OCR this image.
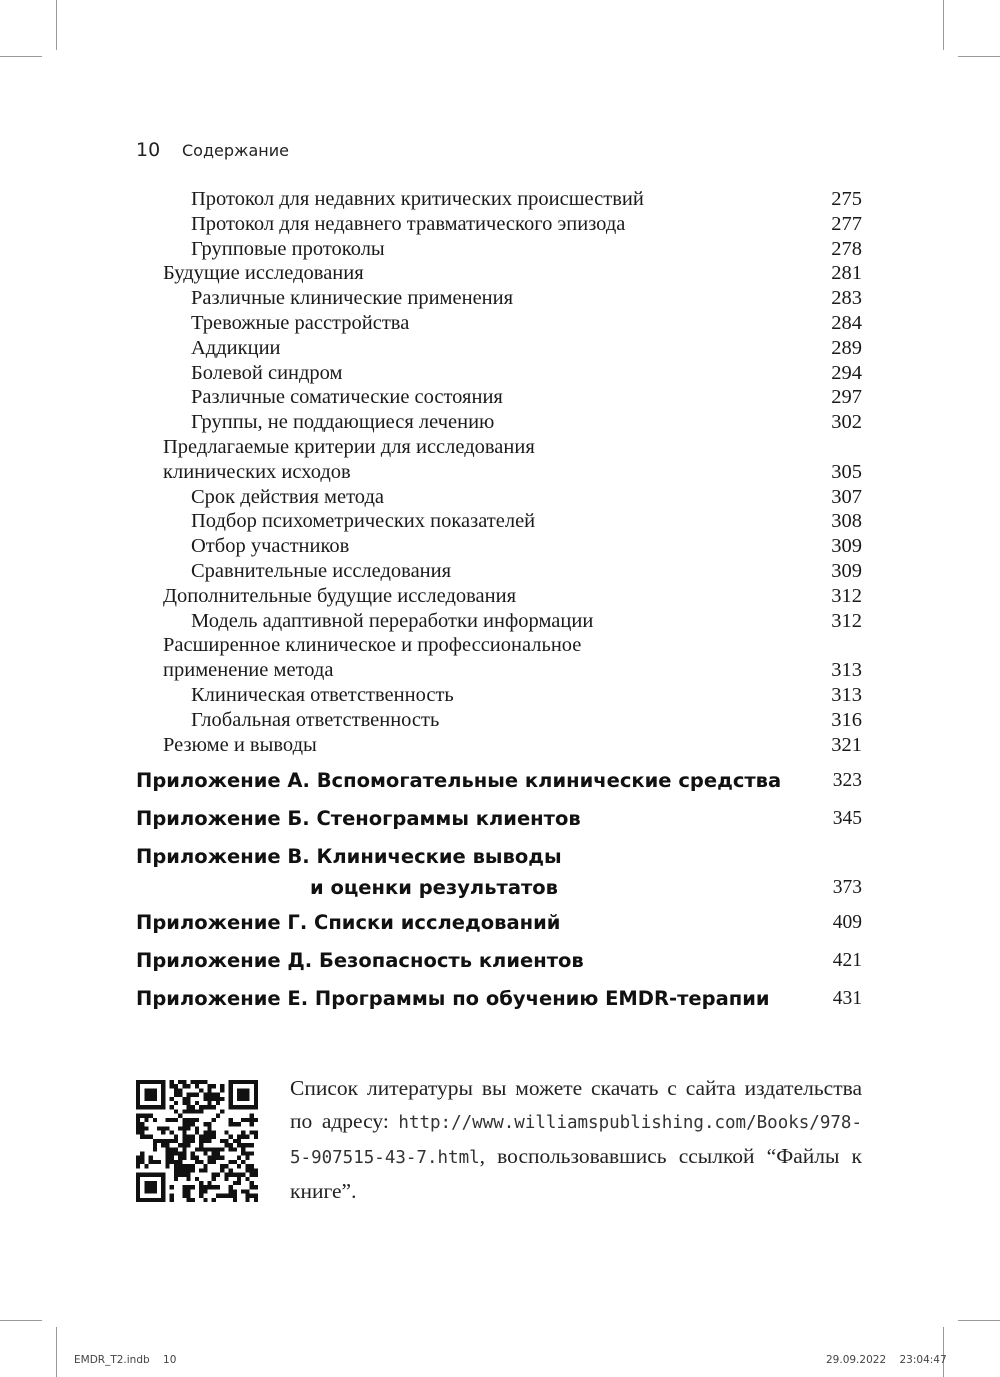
10	Содержание
Протокол для недавних критических происшествий	275
Протокол для недавнего травматического эпизода	277
Групповые протоколы	278
Будущие исследования	281
Различные клинические применения	283
Тревожные расстройства	284
Аддикции	289
Болевой синдром	294
Различные соматические состояния	297
Группы, не поддающиеся лечению	302
Предлагаемые критерии для исследования
клинических исходов	305
Срок действия метода	307
Подбор психометрических показателей	308
Отбор участников	309
Сравнительные исследования	309
Дополнительные будущие исследования	312
Модель адаптивной переработки информации	312
Расширенное клиническое и профессиональное
применение метода	313
Клиническая ответственность	313
Глобальная ответственность	316
Резюме и выводы	321
Приложение А. Вспомогательные клинические средства	323
Приложение Б. Стенограммы клиентов	345
Приложение В. Клинические выводы
и оценки результатов	373
Приложение Г. Списки исследований	409
Приложение Д. Безопасность клиентов	421
Приложение Е. Программы по обучению EMDR-терапии	431
Список литературы вы можете скачать с сайта издательства по адресу: http://www.williamspublishing.com/Books/978-5-907515-43-7.html, воспользовавшись ссылкой “Файлы к книге”.
EMDR_T2.indb 10	29.09.2022 23:04:47
